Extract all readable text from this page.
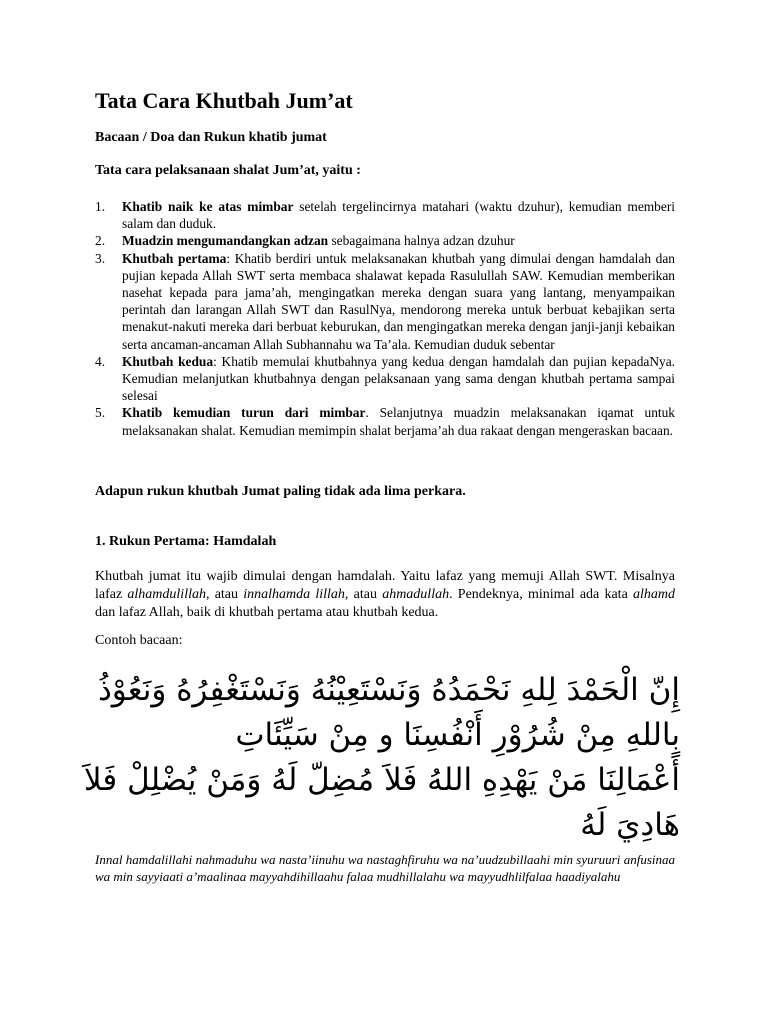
Tata Cara Khutbah Jum’at

Bacaan / Doa dan Rukun khatib jumat

Tata cara pelaksanaan shalat Jum’at, yaitu :

1. Khatib naik ke atas mimbar setelah tergelincirnya matahari (waktu dzuhur), kemudian memberi salam dan duduk.
2. Muadzin mengumandangkan adzan sebagaimana halnya adzan dzuhur
3. Khutbah pertama: Khatib berdiri untuk melaksanakan khutbah yang dimulai dengan hamdalah dan pujian kepada Allah SWT serta membaca shalawat kepada Rasulullah SAW. Kemudian memberikan nasehat kepada para jama’ah, mengingatkan mereka dengan suara yang lantang, menyampaikan perintah dan larangan Allah SWT dan RasulNya, mendorong mereka untuk berbuat kebajikan serta menakut-nakuti mereka dari berbuat keburukan, dan mengingatkan mereka dengan janji-janji kebaikan serta ancaman-ancaman Allah Subhannahu wa Ta’ala. Kemudian duduk sebentar
4. Khutbah kedua: Khatib memulai khutbahnya yang kedua dengan hamdalah dan pujian kepadaNya. Kemudian melanjutkan khutbahnya dengan pelaksanaan yang sama dengan khutbah pertama sampai selesai
5. Khatib kemudian turun dari mimbar. Selanjutnya muadzin melaksanakan iqamat untuk melaksanakan shalat. Kemudian memimpin shalat berjama’ah dua rakaat dengan mengeraskan bacaan.

Adapun rukun khutbah Jumat paling tidak ada lima perkara.

1. Rukun Pertama: Hamdalah

Khutbah jumat itu wajib dimulai dengan hamdalah. Yaitu lafaz yang memuji Allah SWT. Misalnya lafaz alhamdulillah, atau innalhamda lillah, atau ahmadullah. Pendeknya, minimal ada kata alhamd dan lafaz Allah, baik di khutbah pertama atau khutbah kedua.

Contoh bacaan:

إِنّ الْحَمْدَ لِلهِ نَحْمَدُهُ وَنَسْتَعِيْنُهُ وَنَسْتَغْفِرُهُ وَنَعُوْذُ
بِاللهِ مِنْ شُرُوْرِ أَنْفُسِنَا و مِنْ سَيِّئَاتِ
أَعْمَالِنَا مَنْ يَهْدِهِ اللهُ فَلاَ مُضِلّ لَهُ وَمَنْ يُضْلِلْ فَلاَ
هَادِيَ لَهُ

Innal hamdalillahi nahmaduhu wa nasta’iinuhu wa nastaghfiruhu wa na’uudzubillaahi min syuruuri anfusinaa wa min sayyiaati a’maalinaa mayyahdihillaahu falaa mudhillalahu wa mayyudhlilfalaa haadiyalahu
